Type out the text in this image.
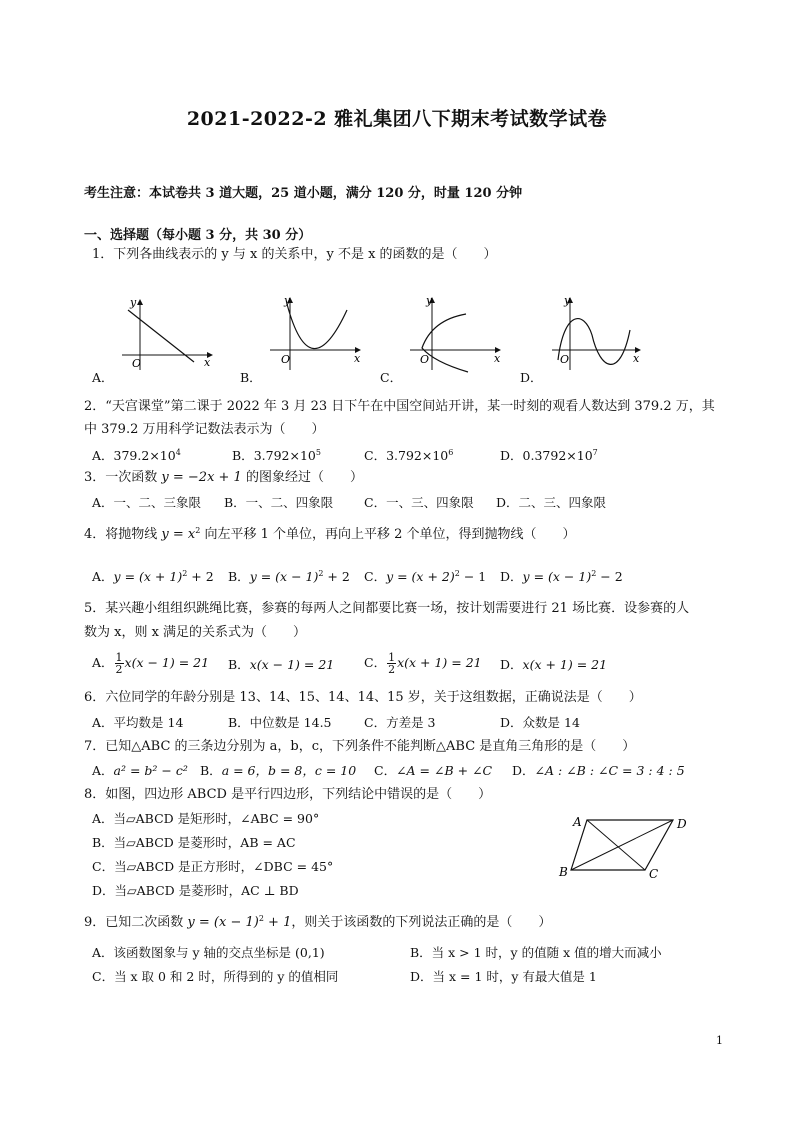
2021-2022-2 雅礼集团八下期末考试数学试卷
考生注意：本试卷共 3 道大题，25 道小题，满分 120 分，时量 120 分钟
一、选择题（每小题 3 分，共 30 分）
1．下列各曲线表示的 y 与 x 的关系中，y 不是 x 的函数的是（　　）
O	x
y
O	x
y
O	x
y
O	x
y
A．	B．	C．	D．
2．“天宫课堂”第二课于 2022 年 3 月 23 日下午在中国空间站开讲，某一时刻的观看人数达到 379.2 万，其
中 379.2 万用科学记数法表示为（　　）
A．$379.2\times 10^4$	B．$3.792\times 10^5$	C．$3.792\times 10^6$	D．$0.3792\times 10^7$
3．一次函数 y = −2x + 1 的图象经过（　　）
A．一、二、三象限 B．一、二、四象限 C．一、三、四象限 D．二、三、四象限
4．将抛物线 $y = x^2$ 向左平移 1 个单位，再向上平移 2 个单位，得到抛物线（　　）
A．$y = (x + 1)^2 + 2$ B．$y = (x - 1)^2 + 2$ C．$y = (x + 2)^2 - 1$ D．$y = (x - 1)^2 - 2$
5．某兴趣小组组织跳绳比赛，参赛的每两人之间都要比赛一场，按计划需要进行 21 场比赛．设参赛的人
数为 x，则 x 满足的关系式为（　　）
A． $\frac{1}{2} x(x - 1) = 21$ B．x(x − 1) = 21 C． $\frac{1}{2} x(x + 1) = 21$ D．x(x + 1) = 21
6．六位同学的年龄分别是 13、14、15、14、14、15 岁，关于这组数据，正确说法是（　　）
A．平均数是 14	B．中位数是 14.5	C．方差是 3	D．众数是 14
7．已知△ABC 的三条边分别为 a，b，c，下列条件不能判断△ABC 是直角三角形的是（　　）
A．a² = b² − c² B．a = 6，b = 8，c = 10 C．∠A = ∠B + ∠C D．∠A : ∠B : ∠C = 3 : 4 : 5
8．如图，四边形 ABCD 是平行四边形，下列结论中错误的是（　　）
A．当▱ABCD 是矩形时，∠ABC = 90°
B．当▱ABCD 是菱形时，AB = AC
C．当▱ABCD 是正方形时，∠DBC = 45°
D．当▱ABCD 是菱形时，AC ⊥ BD
A	D
B	C
9．已知二次函数 $y = (x - 1)^2 + 1$，则关于该函数的下列说法正确的是（　　）
A．该函数图象与 y 轴的交点坐标是 (0,1)	B．当 x > 1 时，y 的值随 x 值的增大而减小
C．当 x 取 0 和 2 时，所得到的 y 的值相同	D．当 x = 1 时，y 有最大值是 1
1
